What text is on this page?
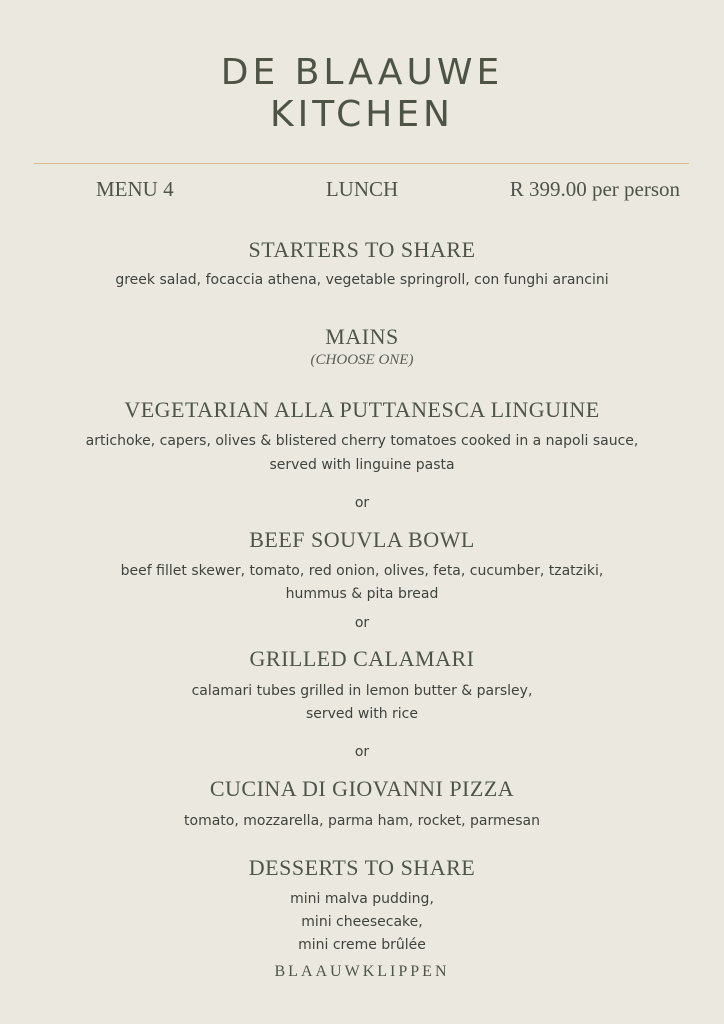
DE BLAAUWE
KITCHEN
LUNCH
MENU 4	R 399.00 per person
STARTERS TO SHARE
greek salad, focaccia athena, vegetable springroll, con funghi arancini
MAINS
(CHOOSE ONE)
VEGETARIAN ALLA PUTTANESCA LINGUINE
artichoke, capers, olives & blistered cherry tomatoes cooked in a napoli sauce,
served with linguine pasta
or
BEEF SOUVLA BOWL
beef fillet skewer, tomato, red onion, olives, feta, cucumber, tzatziki,
hummus & pita bread
or
GRILLED CALAMARI
calamari tubes grilled in lemon butter & parsley,
served with rice
or
CUCINA DI GIOVANNI PIZZA
tomato, mozzarella, parma ham, rocket, parmesan
DESSERTS TO SHARE
mini malva pudding,
mini cheesecake,
mini creme brûlée
BLAAUWKLIPPEN
